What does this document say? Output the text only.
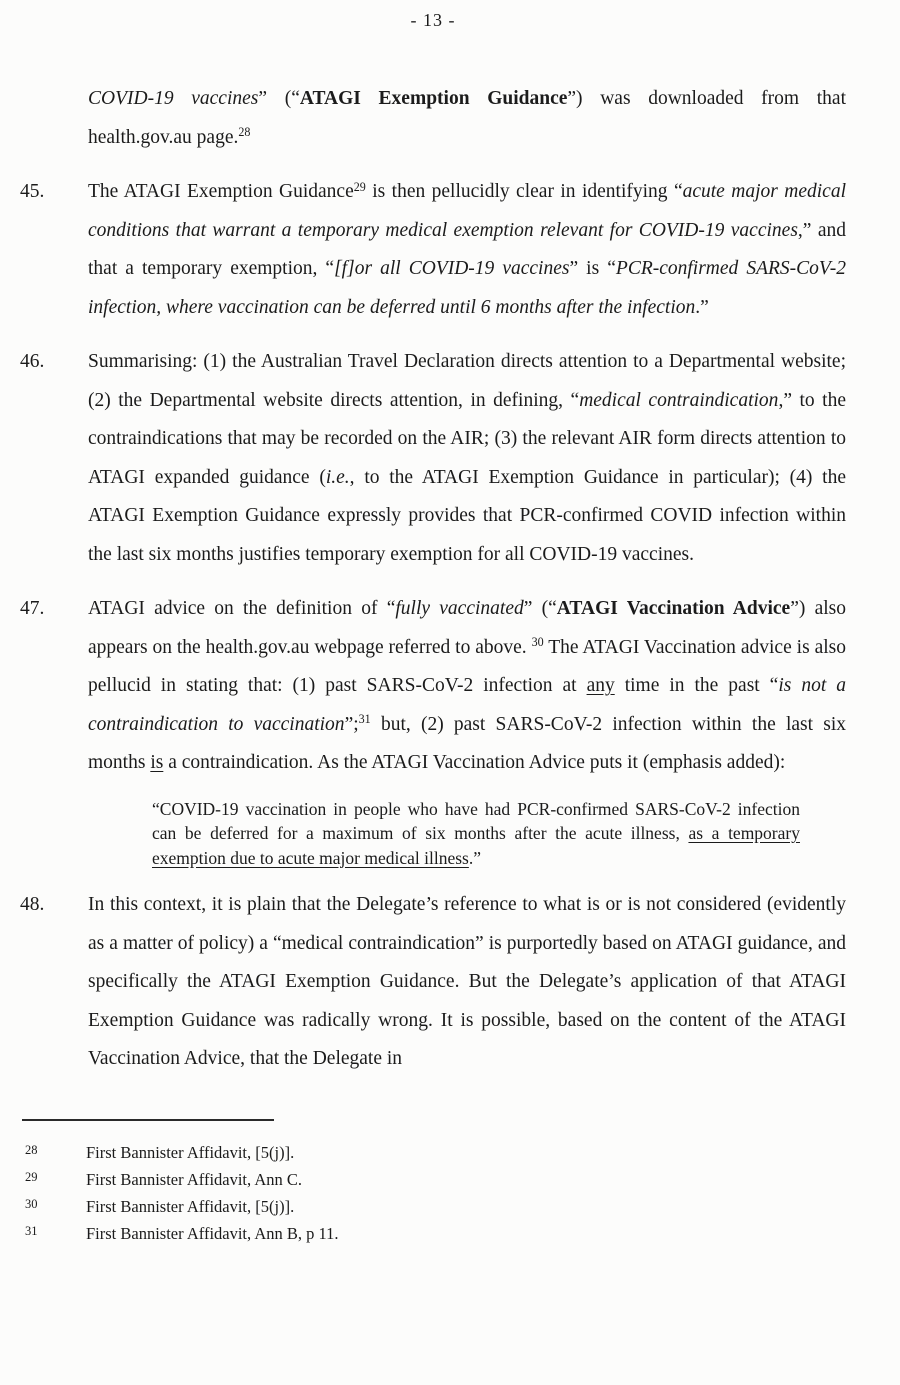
- 13 -
COVID-19 vaccines” (“ATAGI Exemption Guidance”) was downloaded from that health.gov.au page.$^{28}$
45.	The ATAGI Exemption Guidance$^{29}$ is then pellucidly clear in identifying “acute major medical conditions that warrant a temporary medical exemption relevant for COVID-19 vaccines,” and that a temporary exemption, “[f]or all COVID-19 vaccines” is “PCR-confirmed SARS-CoV-2 infection, where vaccination can be deferred until 6 months after the infection.”
46.	Summarising: (1) the Australian Travel Declaration directs attention to a Departmental website; (2) the Departmental website directs attention, in defining, “medical contraindication,” to the contraindications that may be recorded on the AIR; (3) the relevant AIR form directs attention to ATAGI expanded guidance (i.e., to the ATAGI Exemption Guidance in particular); (4) the ATAGI Exemption Guidance expressly provides that PCR-confirmed COVID infection within the last six months justifies temporary exemption for all COVID-19 vaccines.
47.	ATAGI advice on the definition of “fully vaccinated” (“ATAGI Vaccination Advice”) also appears on the health.gov.au webpage referred to above. $^{30}$ The ATAGI Vaccination advice is also pellucid in stating that: (1) past SARS-CoV-2 infection at any time in the past “is not a contraindication to vaccination”;$^{31}$ but, (2) past SARS-CoV-2 infection within the last six months is a contraindication. As the ATAGI Vaccination Advice puts it (emphasis added):
“COVID-19 vaccination in people who have had PCR-confirmed SARS-CoV-2 infection can be deferred for a maximum of six months after the acute illness, as a temporary exemption due to acute major medical illness.”
48.	In this context, it is plain that the Delegate’s reference to what is or is not considered (evidently as a matter of policy) a “medical contraindication” is purportedly based on ATAGI guidance, and specifically the ATAGI Exemption Guidance. But the Delegate’s application of that ATAGI Exemption Guidance was radically wrong. It is possible, based on the content of the ATAGI Vaccination Advice, that the Delegate in
28	First Bannister Affidavit, [5(j)].
29	First Bannister Affidavit, Ann C.
30	First Bannister Affidavit, [5(j)].
31	First Bannister Affidavit, Ann B, p 11.
